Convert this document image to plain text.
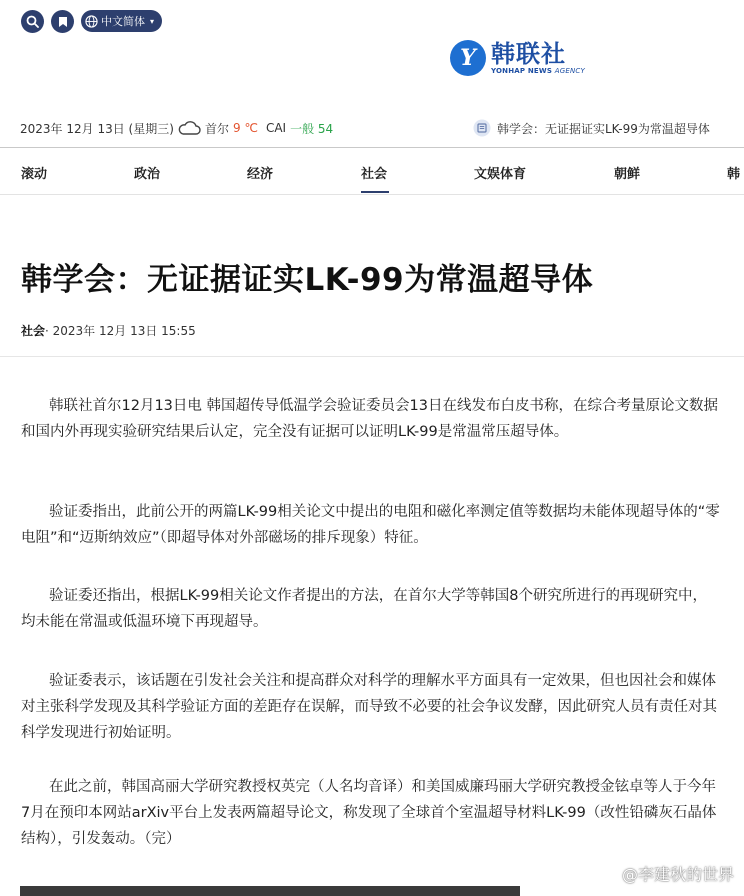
中文简体 ▾
Y 韩联社
YONHAP NEWS AGENCY
2023年 12月 13日 (星期三)	首尔 9 ℃ CAI 一般 54	韩学会：无证据证实LK-99为常温超导体
滚动	政治	经济	社会	文娱体育	朝鲜	韩
韩学会：无证据证实LK-99为常温超导体
社会· 2023年 12月 13日 15:55

韩联社首尔12月13日电 韩国超传导低温学会验证委员会13日在线发布白皮书称，在综合考量原论文数据和国内外再现实验研究结果后认定，完全没有证据可以证明LK-99是常温常压超导体。

验证委指出，此前公开的两篇LK-99相关论文中提出的电阻和磁化率测定值等数据均未能体现超导体的“零电阻”和“迈斯纳效应”（即超导体对外部磁场的排斥现象）特征。

验证委还指出，根据LK-99相关论文作者提出的方法，在首尔大学等韩国8个研究所进行的再现研究中，均未能在常温或低温环境下再现超导。

验证委表示，该话题在引发社会关注和提高群众对科学的理解水平方面具有一定效果，但也因社会和媒体对主张科学发现及其科学验证方面的差距存在误解，而导致不必要的社会争议发酵，因此研究人员有责任对其科学发现进行初始证明。

在此之前，韩国高丽大学研究教授权英完（人名均音译）和美国威廉玛丽大学研究教授金铉卓等人于今年7月在预印本网站arXiv平台上发表两篇超导论文，称发现了全球首个室温超导材料LK-99（改性铅磷灰石晶体结构），引发轰动。（完）

@李建秋的世界
